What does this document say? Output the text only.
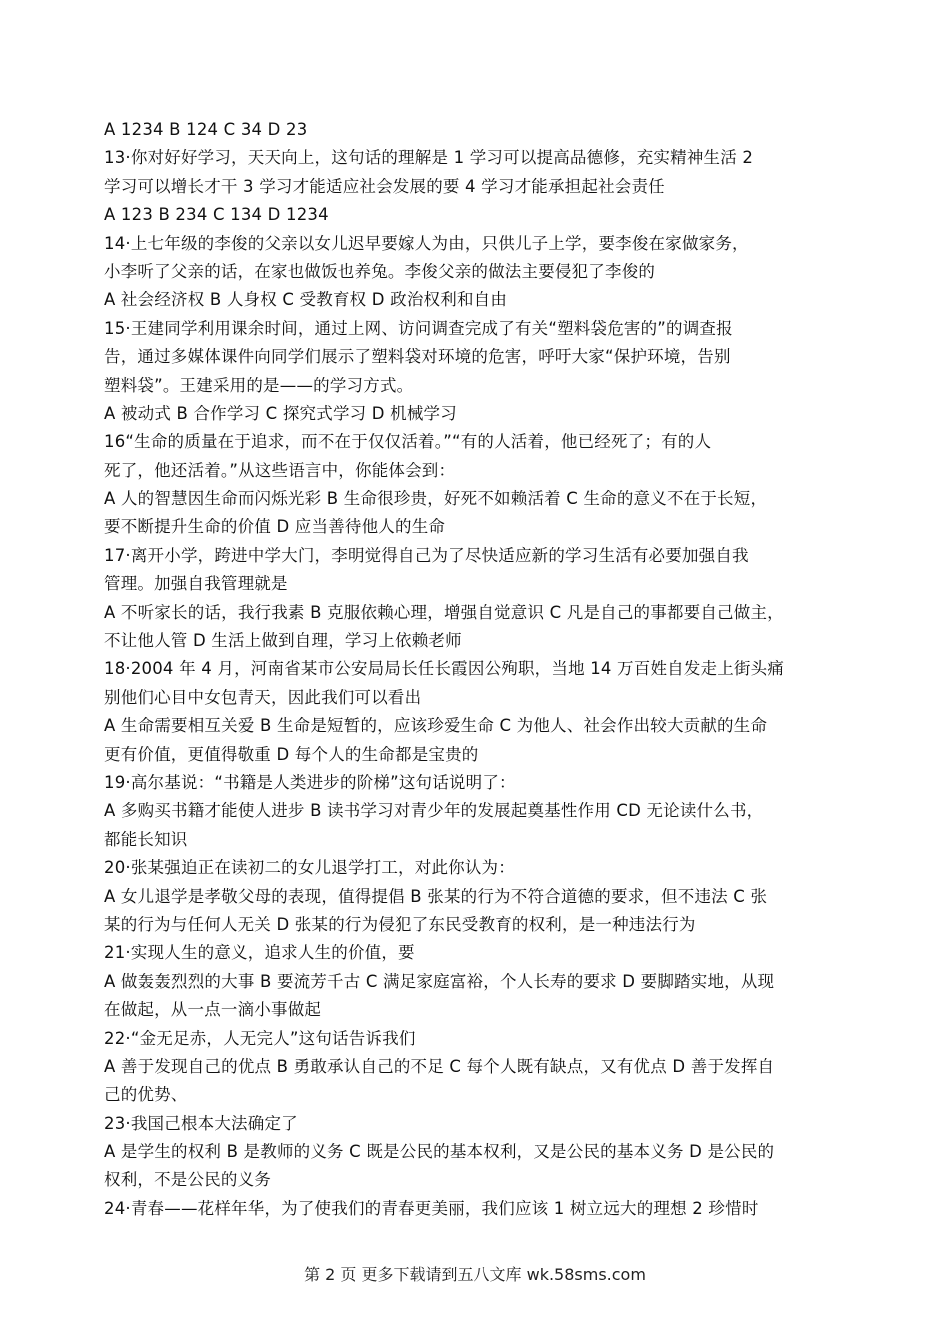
A 1234 B 124 C 34 D 23
13·你对好好学习，天天向上，这句话的理解是 1 学习可以提高品德修，充实精神生活 2
学习可以增长才干 3 学习才能适应社会发展的要 4 学习才能承担起社会责任
A 123 B 234 C 134 D 1234
14·上七年级的李俊的父亲以女儿迟早要嫁人为由，只供儿子上学，要李俊在家做家务，
小李听了父亲的话，在家也做饭也养兔。李俊父亲的做法主要侵犯了李俊的
A 社会经济权 B 人身权 C 受教育权 D 政治权利和自由
15·王建同学利用课余时间，通过上网、访问调查完成了有关“塑料袋危害的”的调查报
告，通过多媒体课件向同学们展示了塑料袋对环境的危害，呼吁大家“保护环境，告别
塑料袋”。王建采用的是——的学习方式。
A 被动式 B 合作学习 C 探究式学习 D 机械学习
16“生命的质量在于追求，而不在于仅仅活着。”“有的人活着，他已经死了；有的人
死了，他还活着。”从这些语言中，你能体会到：
A 人的智慧因生命而闪烁光彩 B 生命很珍贵，好死不如赖活着 C 生命的意义不在于长短，
要不断提升生命的价值 D 应当善待他人的生命
17·离开小学，跨进中学大门，李明觉得自己为了尽快适应新的学习生活有必要加强自我
管理。加强自我管理就是
A 不听家长的话，我行我素 B 克服依赖心理，增强自觉意识 C 凡是自己的事都要自己做主，
不让他人管 D 生活上做到自理，学习上依赖老师
18·2004 年 4 月，河南省某市公安局局长任长霞因公殉职，当地 14 万百姓自发走上街头痛
别他们心目中女包青天，因此我们可以看出
A 生命需要相互关爱 B 生命是短暂的，应该珍爱生命 C 为他人、社会作出较大贡献的生命
更有价值，更值得敬重 D 每个人的生命都是宝贵的
19·高尔基说：“书籍是人类进步的阶梯”这句话说明了：
A 多购买书籍才能使人进步 B 读书学习对青少年的发展起奠基性作用 CD 无论读什么书，
都能长知识
20·张某强迫正在读初二的女儿退学打工，对此你认为：
A 女儿退学是孝敬父母的表现，值得提倡 B 张某的行为不符合道德的要求，但不违法 C 张
某的行为与任何人无关 D 张某的行为侵犯了东民受教育的权利，是一种违法行为
21·实现人生的意义，追求人生的价值，要
A 做轰轰烈烈的大事 B 要流芳千古 C 满足家庭富裕，个人长寿的要求 D 要脚踏实地，从现
在做起，从一点一滴小事做起
22·“金无足赤，人无完人”这句话告诉我们
A 善于发现自己的优点 B 勇敢承认自己的不足 C 每个人既有缺点，又有优点 D 善于发挥自
己的优势、
23·我国己根本大法确定了
A 是学生的权利 B 是教师的义务 C 既是公民的基本权利，又是公民的基本义务 D 是公民的
权利，不是公民的义务
24·青春——花样年华，为了使我们的青春更美丽，我们应该 1 树立远大的理想 2 珍惜时
第 2 页 更多下载请到五八文库 wk.58sms.com
